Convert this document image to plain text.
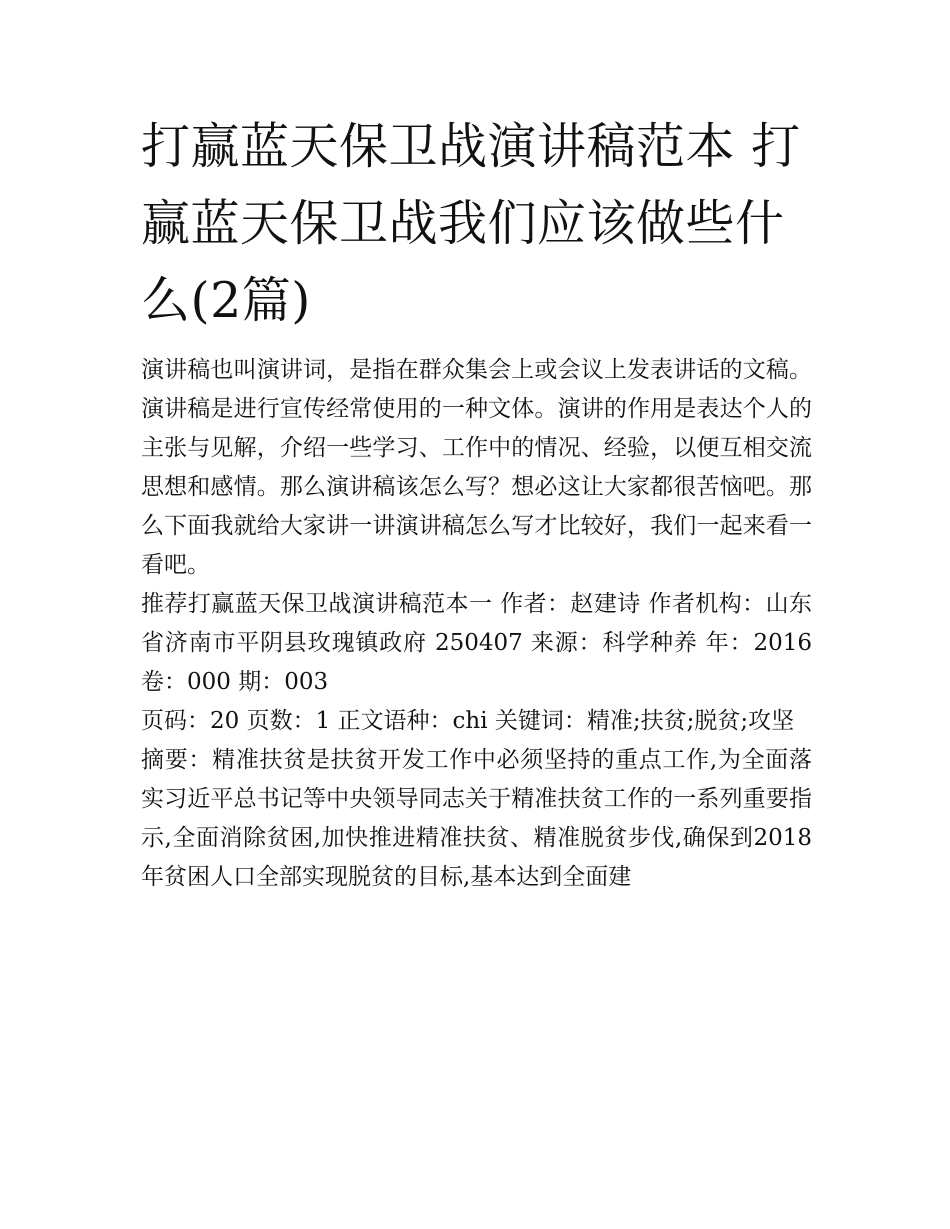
打赢蓝天保卫战演讲稿范本 打赢蓝天保卫战我们应该做些什么(2篇)

演讲稿也叫演讲词，是指在群众集会上或会议上发表讲话的文稿。演讲稿是进行宣传经常使用的一种文体。演讲的作用是表达个人的主张与见解，介绍一些学习、工作中的情况、经验，以便互相交流思想和感情。那么演讲稿该怎么写？想必这让大家都很苦恼吧。那么下面我就给大家讲一讲演讲稿怎么写才比较好，我们一起来看一看吧。

推荐打赢蓝天保卫战演讲稿范本一 作者：赵建诗 作者机构：山东省济南市平阴县玫瑰镇政府 250407 来源：科学种养 年：2016 卷：000 期：003

页码：20 页数：1 正文语种：chi 关键词：精准;扶贫;脱贫;攻坚

摘要：精准扶贫是扶贫开发工作中必须坚持的重点工作,为全面落实习近平总书记等中央领导同志关于精准扶贫工作的一系列重要指示,全面消除贫困,加快推进精准扶贫、精准脱贫步伐,确保到2018年贫困人口全部实现脱贫的目标,基本达到全面建
